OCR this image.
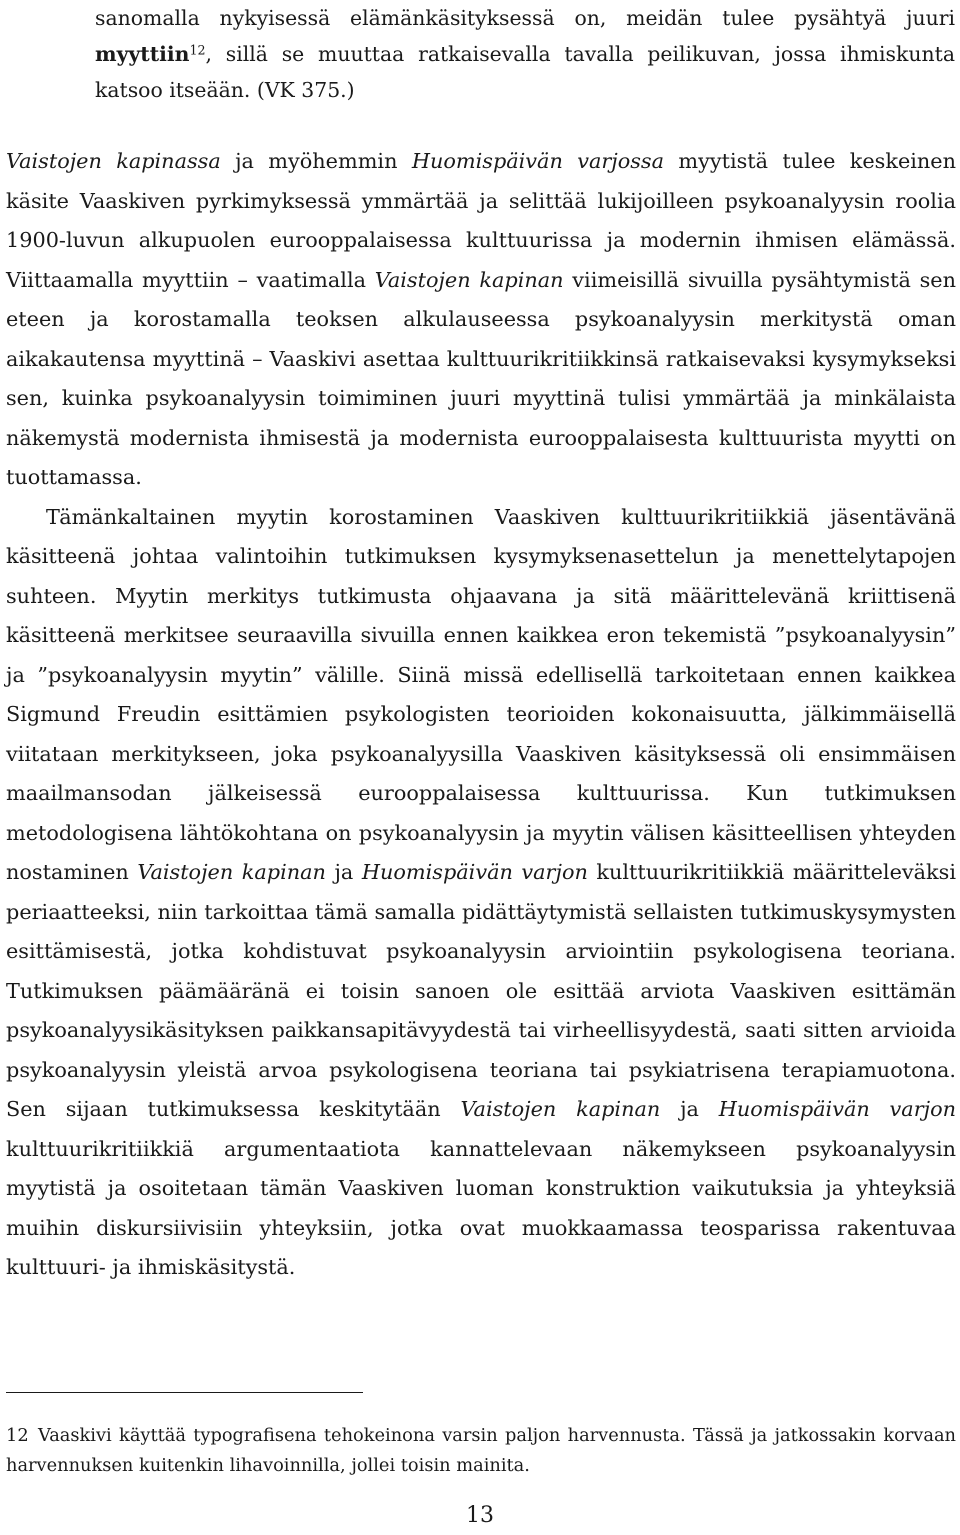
sanomalla nykyisessä elämänkäsityksessä on, meidän tulee pysähtyä juuri myyttiin$^{12}$, sillä se muuttaa ratkaisevalla tavalla peilikuvan, jossa ihmiskunta katsoo itseään. (VK 375.)

Vaistojen kapinassa ja myöhemmin Huomispäivän varjossa myytistä tulee keskeinen käsite Vaaskiven pyrkimyksessä ymmärtää ja selittää lukijoilleen psykoanalyysin roolia 1900-luvun alkupuolen eurooppalaisessa kulttuurissa ja modernin ihmisen elämässä. Viittaamalla myyttiin – vaatimalla Vaistojen kapinan viimeisillä sivuilla pysähtymistä sen eteen ja korostamalla teoksen alkulauseessa psykoanalyysin merkitystä oman aikakautensa myyttinä – Vaaskivi asettaa kulttuurikritiikkinsä ratkaisevaksi kysymykseksi sen, kuinka psykoanalyysin toimiminen juuri myyttinä tulisi ymmärtää ja minkälaista näkemystä modernista ihmisestä ja modernista eurooppalaisesta kulttuurista myytti on tuottamassa.

Tämänkaltainen myytin korostaminen Vaaskiven kulttuurikritiikkiä jäsentävänä käsitteenä johtaa valintoihin tutkimuksen kysymyksenasettelun ja menettelytapojen suhteen. Myytin merkitys tutkimusta ohjaavana ja sitä määrittelevänä kriittisenä käsitteenä merkitsee seuraavilla sivuilla ennen kaikkea eron tekemistä ”psykoanalyysin” ja ”psykoanalyysin myytin” välille. Siinä missä edellisellä tarkoitetaan ennen kaikkea Sigmund Freudin esittämien psykologisten teorioiden kokonaisuutta, jälkimmäisellä viitataan merkitykseen, joka psykoanalyysilla Vaaskiven käsityksessä oli ensimmäisen maailmansodan jälkeisessä eurooppalaisessa kulttuurissa. Kun tutkimuksen metodologisena lähtökohtana on psykoanalyysin ja myytin välisen käsitteellisen yhteyden nostaminen Vaistojen kapinan ja Huomispäivän varjon kulttuurikritiikkiä määritteleväksi periaatteeksi, niin tarkoittaa tämä samalla pidättäytymistä sellaisten tutkimuskysymysten esittämisestä, jotka kohdistuvat psykoanalyysin arviointiin psykologisena teoriana. Tutkimuksen päämääränä ei toisin sanoen ole esittää arviota Vaaskiven esittämän psykoanalyysikäsityksen paikkansapitävyydestä tai virheellisyydestä, saati sitten arvioida psykoanalyysin yleistä arvoa psykologisena teoriana tai psykiatrisena terapiamuotona. Sen sijaan tutkimuksessa keskitytään Vaistojen kapinan ja Huomispäivän varjon kulttuurikritiikkiä argumentaatiota kannattelevaan näkemykseen psykoanalyysin myytistä ja osoitetaan tämän Vaaskiven luoman konstruktion vaikutuksia ja yhteyksiä muihin diskursiivisiin yhteyksiin, jotka ovat muokkaamassa teosparissa rakentuvaa kulttuuri- ja ihmiskäsitystä.

12 Vaaskivi käyttää typografisena tehokeinona varsin paljon harvennusta. Tässä ja jatkossakin korvaan harvennuksen kuitenkin lihavoinnilla, jollei toisin mainita.

13
